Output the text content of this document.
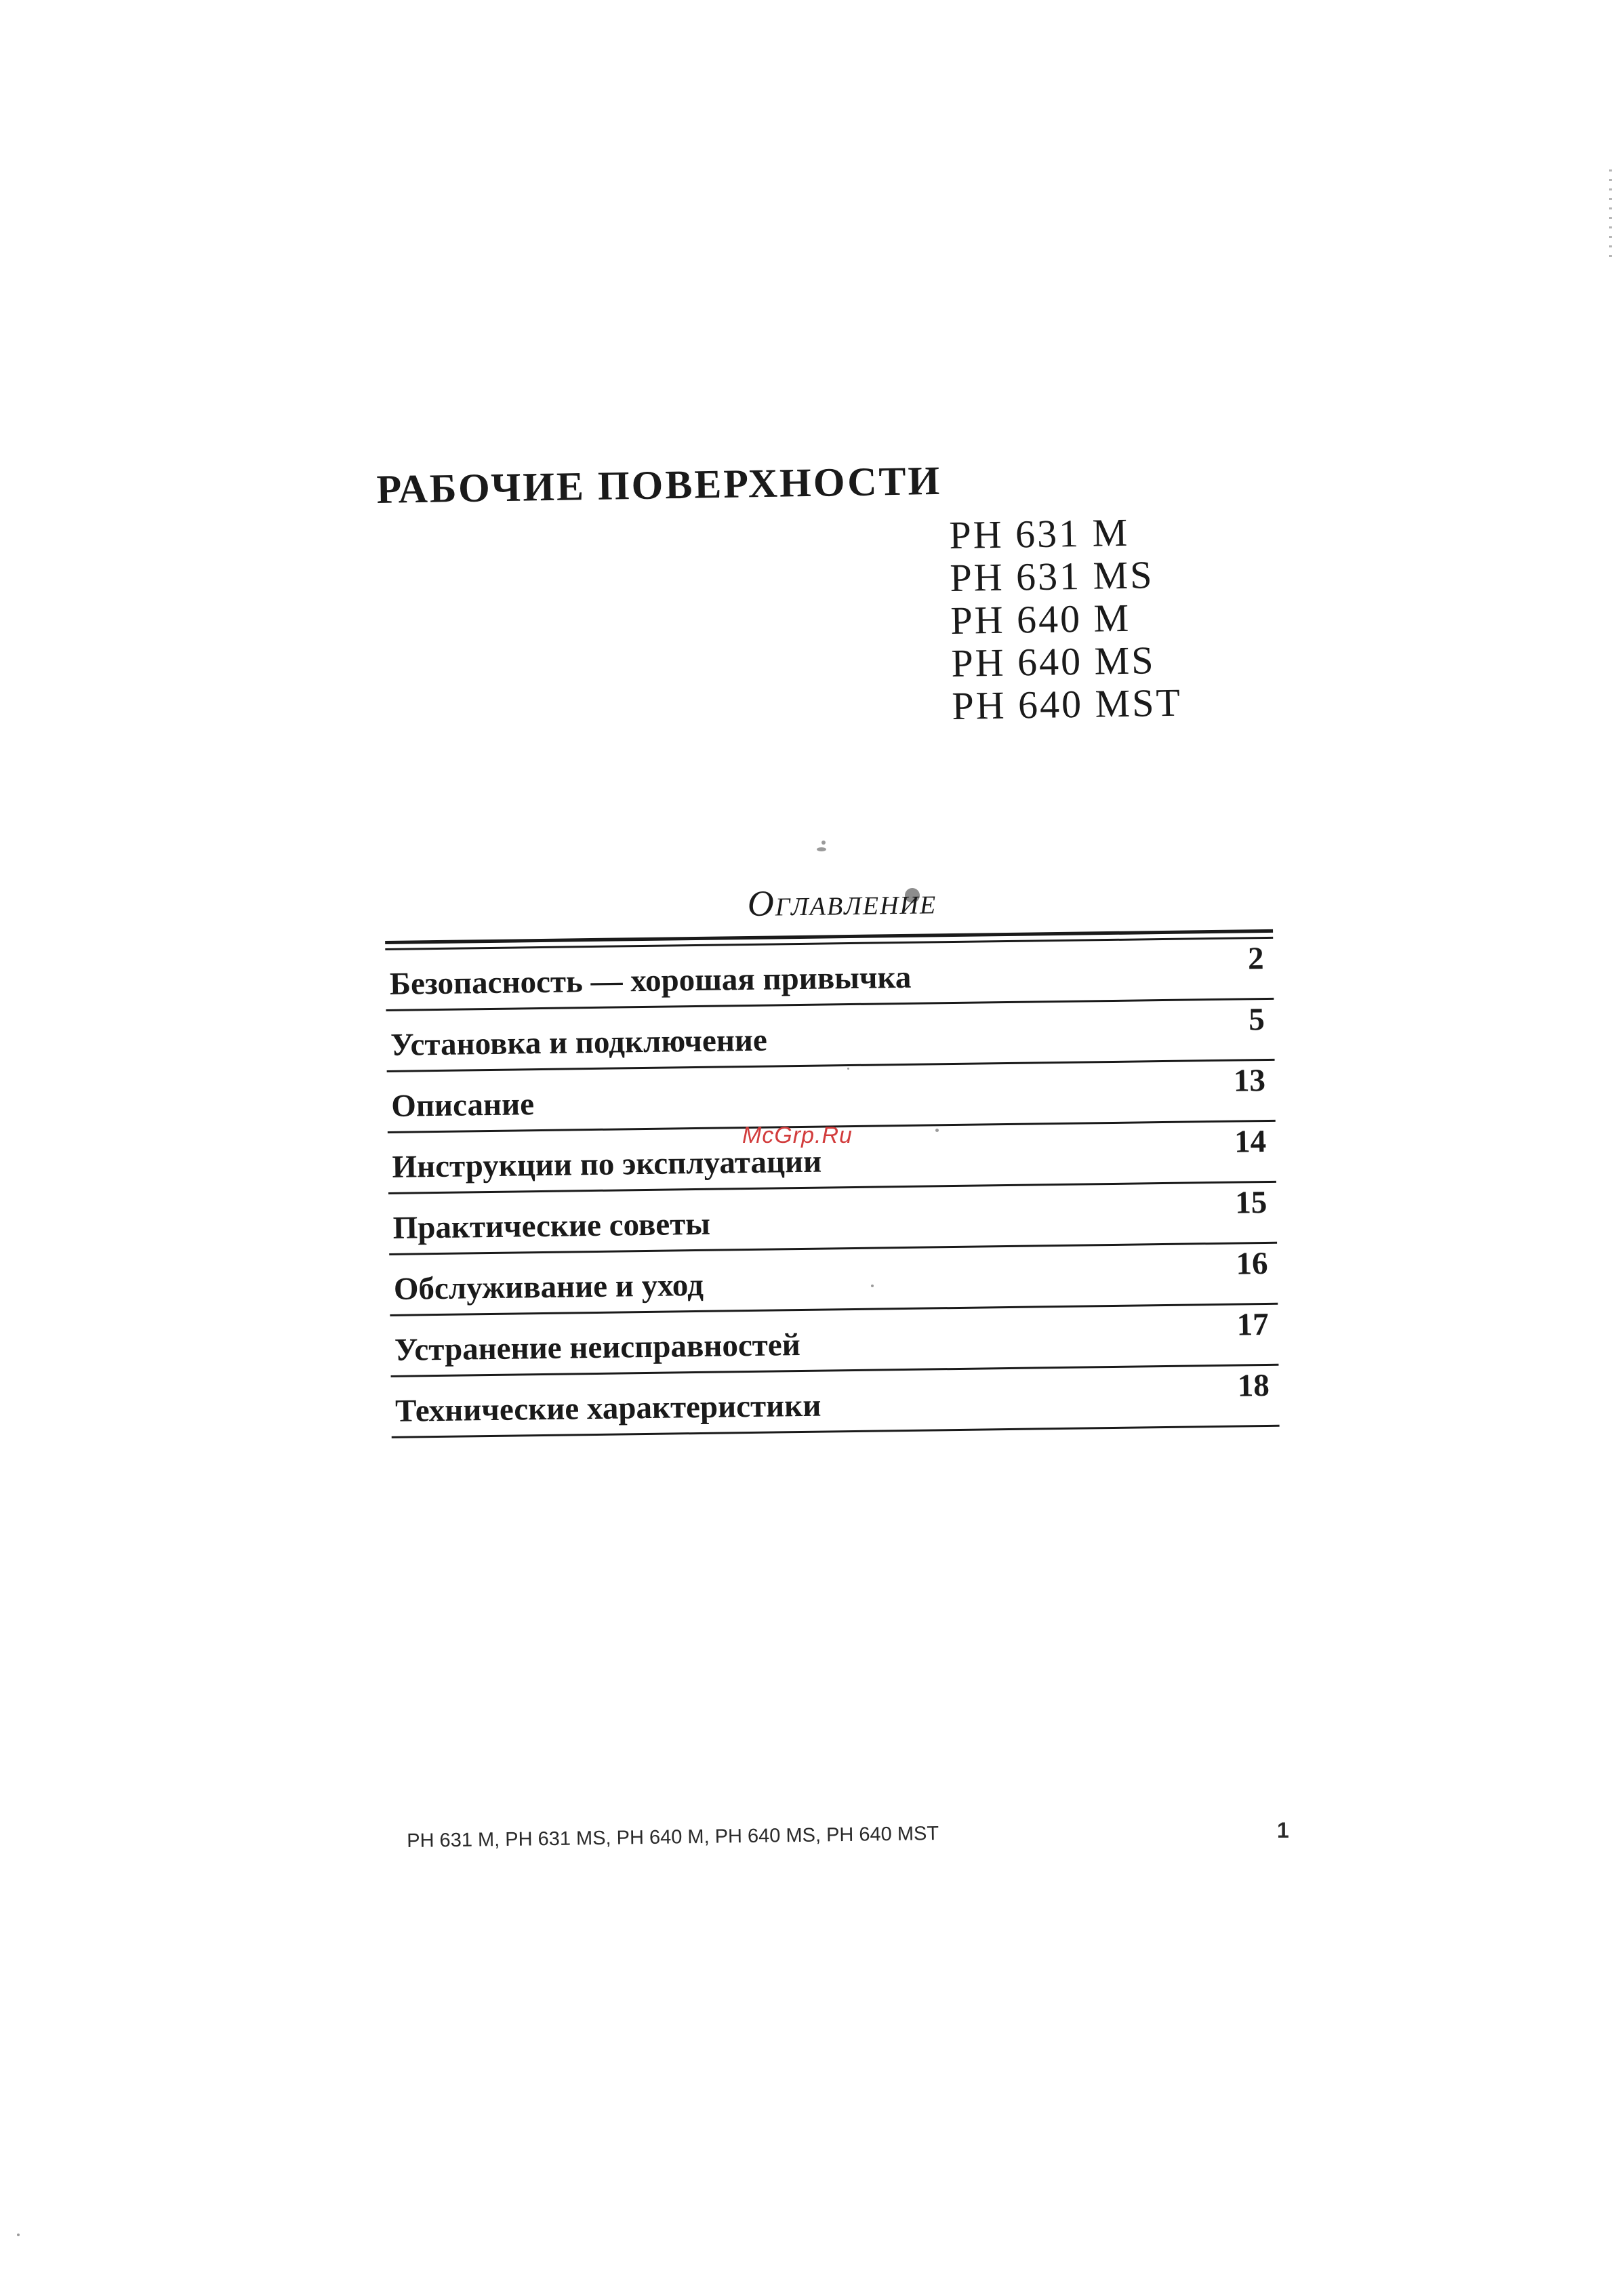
РАБОЧИЕ ПОВЕРХНОСТИ
PH 631 M
PH 631 MS
PH 640 M
PH 640 MS
PH 640 MST
Оглавление
Безопасность — хорошая привычка
2
Установка и подключение
5
Описание
13
Инструкции по эксплуатации
14
Практические советы
15
Обслуживание и уход
16
Устранение неисправностей
17
Технические характеристики
18
McGrp.Ru
PH 631 M, PH 631 MS, PH 640 M, PH 640 MS, PH 640 MST	1
